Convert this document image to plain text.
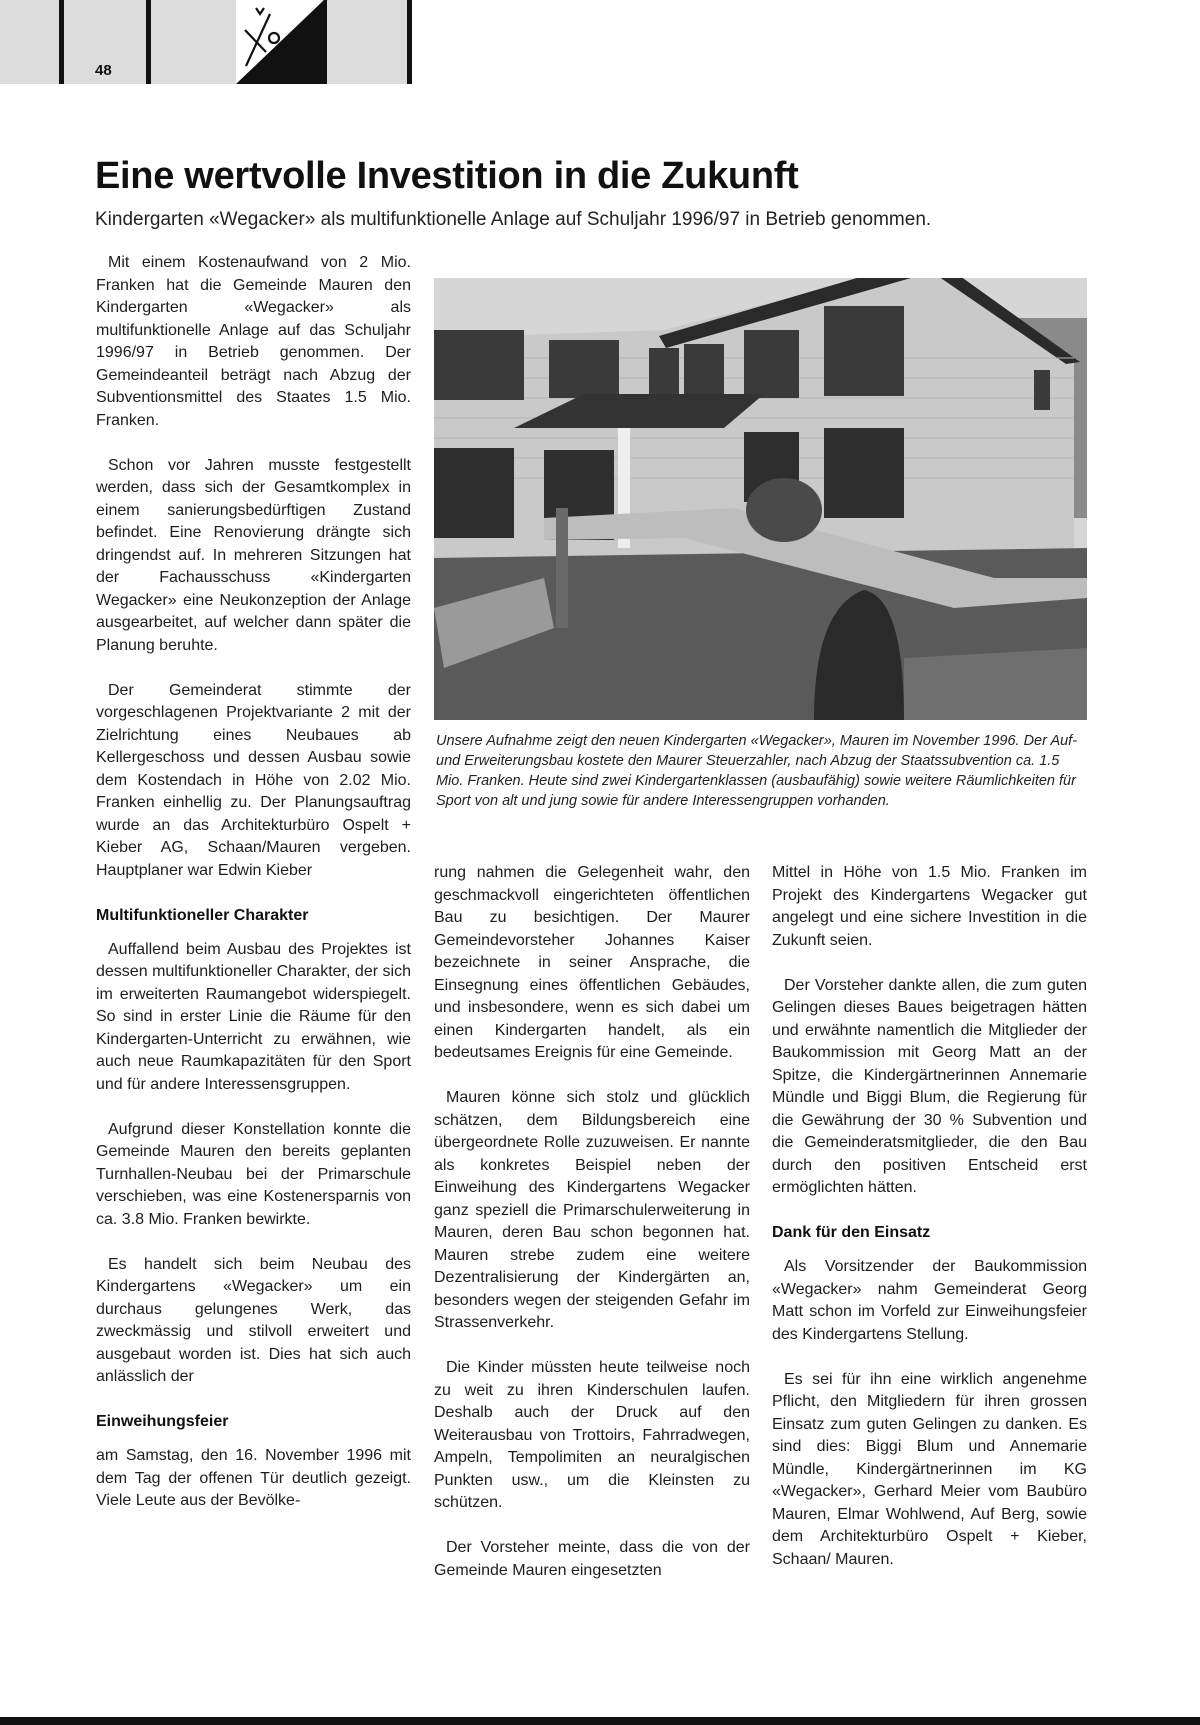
48
Eine wertvolle Investition in die Zukunft

Kindergarten «Wegacker» als multifunktionelle Anlage auf Schuljahr 1996/97 in Betrieb genommen.

Mit einem Kostenaufwand von 2 Mio. Franken hat die Gemeinde Mauren den Kindergarten «Wegacker» als multifunktionelle Anlage auf das Schuljahr 1996/97 in Betrieb genommen. Der Gemeindeanteil beträgt nach Abzug der Subventionsmittel des Staates 1.5 Mio. Franken.

Schon vor Jahren musste festgestellt werden, dass sich der Gesamtkomplex in einem sanierungsbedürftigen Zustand befindet. Eine Renovierung drängte sich dringendst auf. In mehreren Sitzungen hat der Fachausschuss «Kindergarten Wegacker» eine Neukonzeption der Anlage ausgearbeitet, auf welcher dann später die Planung beruhte.

Der Gemeinderat stimmte der vorgeschlagenen Projektvariante 2 mit der Zielrichtung eines Neubaues ab Kellergeschoss und dessen Ausbau sowie dem Kostendach in Höhe von 2.02 Mio. Franken einhellig zu. Der Planungsauftrag wurde an das Architekturbüro Ospelt + Kieber AG, Schaan/Mauren vergeben. Hauptplaner war Edwin Kieber

Multifunktioneller Charakter

Auffallend beim Ausbau des Projektes ist dessen multifunktioneller Charakter, der sich im erweiterten Raumangebot widerspiegelt. So sind in erster Linie die Räume für den Kindergarten-Unterricht zu erwähnen, wie auch neue Raumkapazitäten für den Sport und für andere Interessensgruppen.

Aufgrund dieser Konstellation konnte die Gemeinde Mauren den bereits geplanten Turnhallen-Neubau bei der Primarschule verschieben, was eine Kostenersparnis von ca. 3.8 Mio. Franken bewirkte.

Es handelt sich beim Neubau des Kindergartens «Wegacker» um ein durchaus gelungenes Werk, das zweckmässig und stilvoll erweitert und ausgebaut worden ist. Dies hat sich auch anlässlich der

Einweihungsfeier

am Samstag, den 16. November 1996 mit dem Tag der offenen Tür deutlich gezeigt. Viele Leute aus der Bevölke-

Unsere Aufnahme zeigt den neuen Kindergarten «Wegacker», Mauren im November 1996. Der Auf- und Erweiterungsbau kostete den Maurer Steuerzahler, nach Abzug der Staatssubvention ca. 1.5 Mio. Franken. Heute sind zwei Kindergartenklassen (ausbaufähig) sowie weitere Räumlichkeiten für Sport von alt und jung sowie für andere Interessengruppen vorhanden.

rung nahmen die Gelegenheit wahr, den geschmackvoll eingerichteten öffentlichen Bau zu besichtigen. Der Maurer Gemeindevorsteher Johannes Kaiser bezeichnete in seiner Ansprache, die Einsegnung eines öffentlichen Gebäudes, und insbesondere, wenn es sich dabei um einen Kindergarten handelt, als ein bedeutsames Ereignis für eine Gemeinde.

Mauren könne sich stolz und glücklich schätzen, dem Bildungsbereich eine übergeordnete Rolle zuzuweisen. Er nannte als konkretes Beispiel neben der Einweihung des Kindergartens Wegacker ganz speziell die Primarschulerweiterung in Mauren, deren Bau schon begonnen hat. Mauren strebe zudem eine weitere Dezentralisierung der Kindergärten an, besonders wegen der steigenden Gefahr im Strassenverkehr.

Die Kinder müssten heute teilweise noch zu weit zu ihren Kinderschulen laufen. Deshalb auch der Druck auf den Weiterausbau von Trottoirs, Fahrradwegen, Ampeln, Tempolimiten an neuralgischen Punkten usw., um die Kleinsten zu schützen.

Der Vorsteher meinte, dass die von der Gemeinde Mauren eingesetzten

Mittel in Höhe von 1.5 Mio. Franken im Projekt des Kindergartens Wegacker gut angelegt und eine sichere Investition in die Zukunft seien.

Der Vorsteher dankte allen, die zum guten Gelingen dieses Baues beigetragen hätten und erwähnte namentlich die Mitglieder der Baukommission mit Georg Matt an der Spitze, die Kindergärtnerinnen Annemarie Mündle und Biggi Blum, die Regierung für die Gewährung der 30 % Subvention und die Gemeinderatsmitglieder, die den Bau durch den positiven Entscheid erst ermöglichten hätten.

Dank für den Einsatz

Als Vorsitzender der Baukommission «Wegacker» nahm Gemeinderat Georg Matt schon im Vorfeld zur Einweihungsfeier des Kindergartens Stellung.

Es sei für ihn eine wirklich angenehme Pflicht, den Mitgliedern für ihren grossen Einsatz zum guten Gelingen zu danken. Es sind dies: Biggi Blum und Annemarie Mündle, Kindergärtnerinnen im KG «Wegacker», Gerhard Meier vom Baubüro Mauren, Elmar Wohlwend, Auf Berg, sowie dem Architekturbüro Ospelt + Kieber, Schaan/ Mauren.
